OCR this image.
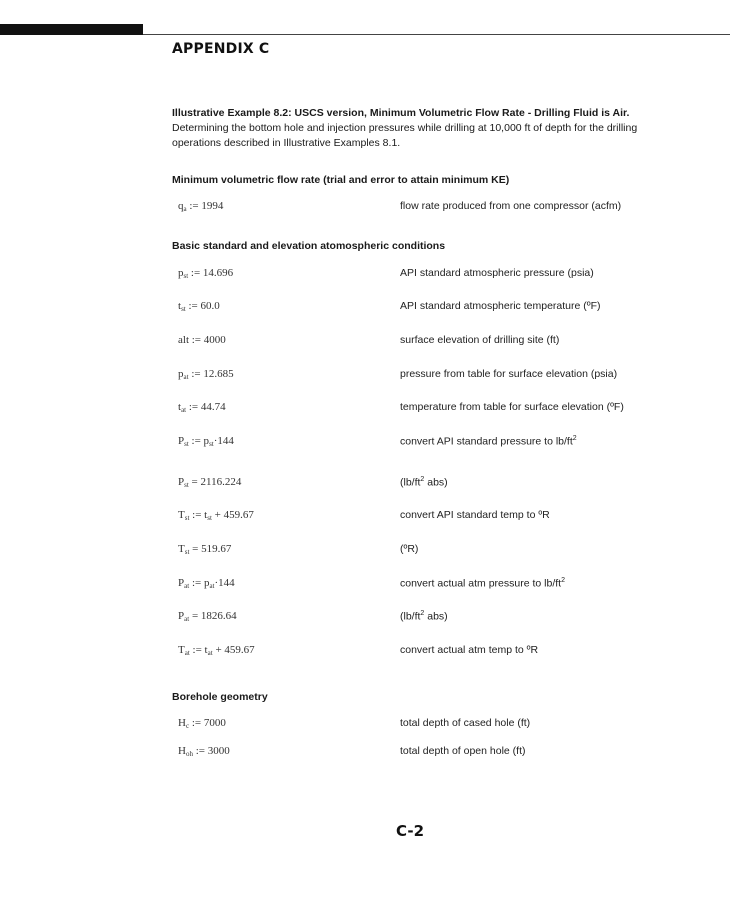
APPENDIX C
Illustrative Example 8.2: USCS version, Minimum Volumetric Flow Rate - Drilling Fluid is Air.
Determining the bottom hole and injection pressures while drilling at 10,000 ft of depth for the drilling operations described in Illustrative Examples 8.1.
Minimum volumetric flow rate (trial and error to attain minimum KE)
Basic standard and elevation atomospheric conditions
Borehole geometry
C-2
$q_a$ := 1994	flow rate produced from one compressor (acfm)
$p_{st}$ := 14.696	API standard atmospheric pressure (psia)
$t_{st}$ := 60.0	API standard atmospheric temperature (ºF)
alt := 4000	surface elevation of drilling site (ft)
$p_{at}$ := 12.685	pressure from table for surface elevation (psia)
$t_{at}$ := 44.74	temperature from table for surface elevation (ºF)
$P_{st}$ := $p_{st}\cdot 144$	convert API standard pressure to $lb/ft^2$
$P_{st} = 2116.224$	($lb/ft^2$ abs)
$T_{st}$ := $t_{st} + 459.67$	convert API standard temp to ºR
$T_{st} = 519.67$	(ºR)
$P_{at}$ := $p_{at}\cdot 144$	convert actual atm pressure to $lb/ft^2$
$P_{at} = 1826.64$	($lb/ft^2$ abs)
$T_{at}$ := $t_{at} + 459.67$	convert actual atm temp to ºR
$H_c$ := 7000	total depth of cased hole (ft)
$H_{oh}$ := 3000	total depth of open hole (ft)
